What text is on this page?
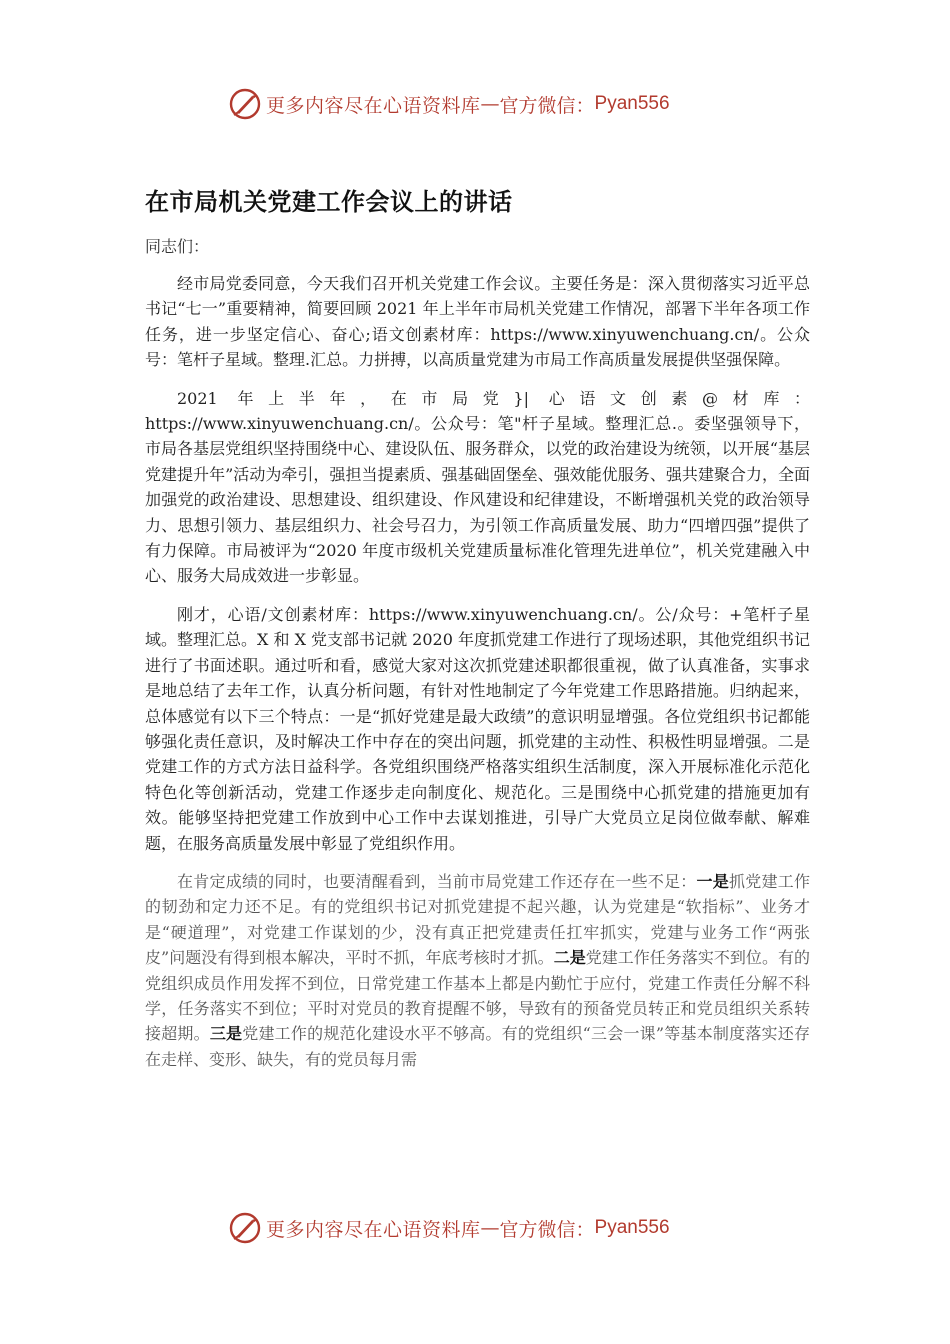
更多内容尽在心语资料库 — 官方微信： Pyan556
在市局机关党建工作会议上的讲话

同志们：

经市局党委同意，今天我们召开机关党建工作会议。主要任务是：深入贯彻落实习近平总书记“七一”重要精神，简要回顾 2021 年上半年市局机关党建工作情况，部署下半年各项工作任务，进一步坚定信心、奋心;语文创素材库：https://www.xinyuwenchuang.cn/。公众号：笔杆子星域。整理.汇总。力拼搏，以高质量党建为市局工作高质量发展提供坚强保障。

2021 年上半年，在市局党}| 心语文创素@材库：https://www.xinyuwenchuang.cn/。公众号：笔"杆子星域。整理汇总.。委坚强领导下，市局各基层党组织坚持围绕中心、建设队伍、服务群众，以党的政治建设为统领，以开展“基层党建提升年”活动为牵引，强担当提素质、强基础固堡垒、强效能优服务、强共建聚合力，全面加强党的政治建设、思想建设、组织建设、作风建设和纪律建设，不断增强机关党的政治领导力、思想引领力、基层组织力、社会号召力，为引领工作高质量发展、助力“四增四强”提供了有力保障。市局被评为“2020 年度市级机关党建质量标准化管理先进单位”，机关党建融入中心、服务大局成效进一步彰显。

刚才，心语/文创素材库：https://www.xinyuwenchuang.cn/。公/众号：+笔杆子星域。整理汇总。X 和 X 党支部书记就 2020 年度抓党建工作进行了现场述职，其他党组织书记进行了书面述职。通过听和看，感觉大家对这次抓党建述职都很重视，做了认真准备，实事求是地总结了去年工作，认真分析问题，有针对性地制定了今年党建工作思路措施。归纳起来，总体感觉有以下三个特点：一是“抓好党建是最大政绩”的意识明显增强。各位党组织书记都能够强化责任意识，及时解决工作中存在的突出问题，抓党建的主动性、积极性明显增强。二是党建工作的方式方法日益科学。各党组织围绕严格落实组织生活制度，深入开展标准化示范化特色化等创新活动，党建工作逐步走向制度化、规范化。三是围绕中心抓党建的措施更加有效。能够坚持把党建工作放到中心工作中去谋划推进，引导广大党员立足岗位做奉献、解难题，在服务高质量发展中彰显了党组织作用。

在肯定成绩的同时，也要清醒看到，当前市局党建工作还存在一些不足：一是抓党建工作的韧劲和定力还不足。有的党组织书记对抓党建提不起兴趣，认为党建是“软指标”、业务才是“硬道理”，对党建工作谋划的少，没有真正把党建责任扛牢抓实，党建与业务工作“两张皮”问题没有得到根本解决，平时不抓，年底考核时才抓。二是党建工作任务落实不到位。有的党组织成员作用发挥不到位，日常党建工作基本上都是内勤忙于应付，党建工作责任分解不科学，任务落实不到位；平时对党员的教育提醒不够，导致有的预备党员转正和党员组织关系转接超期。三是党建工作的规范化建设水平不够高。有的党组织“三会一课”等基本制度落实还存在走样、变形、缺失，有的党员每月需

更多内容尽在心语资料库 — 官方微信： Pyan556
